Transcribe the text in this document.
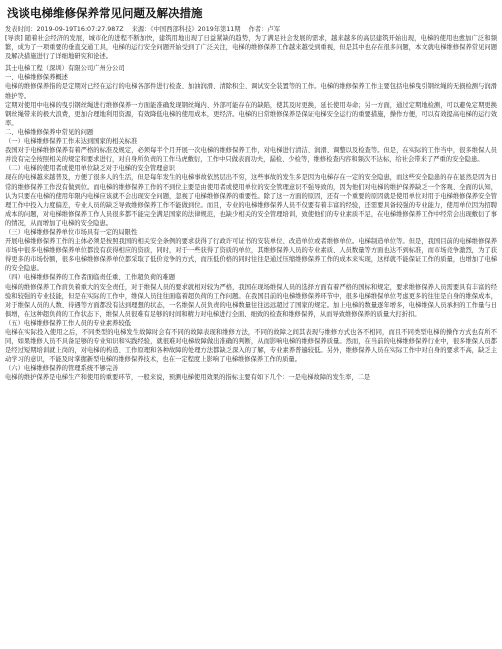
浅谈电梯维修保养常见问题及解决措施
发表时间：2019-09-19T16:07:27.987Z 来源：《中国西部科技》2019年第11期 作者：卢军

[导读] 随着社会经济的发展，城市化的进程不断加快，建筑用地出现了日益紧缺的趋势，为了满足社会发展的需求，越来越多的高层建筑开始出现，电梯的使用也愈加广泛和频繁，成为了一项重要的垂直交通工具，电梯的运行安全问题开始受到了广泛关注，电梯的维修保养工作越来越受到重视，但是其中也存在很多问题，本文就电梯维修保养常见问题及解决措施进行了详细地研究和论述。

其士电梯工程（深圳）有限公司广州分公司

一、电梯维修保养概述

电梯的维修保养指的是定期对已经在运行的电梯各部件进行检查、加油润滑、清除积尘、调试安全装置等的工作。电梯的维修保养工作主要包括电梯曳引钢丝绳的无损检测与润滑维护等。

定期对使用中电梯的曳引钢丝绳进行维修保养一方面能准确发现钢丝绳内、外部可能存在的缺陷，使其及时更换，延长使用寿命；另一方面，通过定期地检测，可以避免定期更换钢丝绳带来的极大浪费，更加合理地利用资源，有效降低电梯的使用成本，更经济。电梯的日常维修保养是保证电梯安全运行的重要措施，操作方便，可以有效提高电梯的运行效率。

二、电梯维修保养中常见的问题

（一）电梯维修保养工作未达到国家的相关标准

我国对于电梯维修保养有着严格的标准及规定，必须每半个月开展一次电梯的维修保养工作，对电梯进行清洁、润滑、调整以及检查等。但是，在实际的工作当中，很多维保人员并没有完全按照相关的规定和要求进行，对自身所负责的工作马虎敷衍，工作中只做表面功夫，漏检、少检等，维修检查内容和频次不达标，给社会带来了严重的安全隐患。

（二）电梯的使用者或使用单位缺乏对于电梯的安全管理意识

现在的电梯越来越普及，方便了很多人的生活，但是每年发生的电梯事故依然层出不穷，这些事故的发生多是因为电梯存在一定的安全隐患，而这些安全隐患的存在显然是因为日常的维修保养工作没有做到位。而电梯的维修保养工作的不到位主要是由使用者或使用单位的安全管理意识不强导致的，因为他们对电梯的维护保养缺乏一个客观、全面的认知，认为只要在电梯的使用年限内电梯应该就不会出现安全问题，忽视了电梯维修保养的重要性。除了这一方面的原因，还有一个重要的原因就是使用单位对用于电梯维修保养安全管理工作中投入力度偏差，专业人员的缺乏导致维修保养工作不能做到位。而且，专业的电梯维修保养人员不仅要有着丰富的经验，还需要具备较强的专业能力，使用单位因为招聘成本的问题，对电梯维修保养工作人员很多都不能完全满足国家的法律规范，也缺少相关的安全管理培训，致使他们的专业素质不足，在电梯维修保养工作中经常会出现敷衍了事的情况，从而增加了电梯的安全隐患。

（三）电梯维修保养单位市场具有一定的局限性

开展电梯维修保养工作的主体必须是按照我国的相关安全条例的要求获得了行政许可证书的安装单位、改造单位或者维修单位。电梯制造单位等。但是，我国目前的电梯维修保养市场中很多电梯维修保养单位都没有获得相应的资质，同时，对于一些获得了资质的单位，其维修保养人员的专业素质、人员数量等方面也达不到标准，而市场竞争激烈，为了获得更多的市场份额，很多电梯维修保养单位都采取了低价竞争的方式，而压低价格的同时往往是通过压缩维修保养工作的成本来实现，这样就不能保证工作的质量，也增加了电梯的安全隐患。

（四）电梯维修保养的工作者面临责任重、工作超负荷的难题

电梯的维修保养工作肩负着重大的安全责任，对于维保人员的要求就相对较为严格，我国在现场维保人员的选择方面有着严格的国标和规定，要求维修保养人员需要具有丰富的经验和较强的专业技能，但是在实际的工作中，维保人员往往面临着超负荷的工作问题。在我国目前的电梯维修保养环节中，很多电梯维保单位考虑更多的往往是自身的维保成本，对于维保人员的人数、待遇等方面都没有达到理想的状态，一名维保人员负责的电梯数量往往远远超过了国家的规定。加上电梯的数量逐年增多，电梯维保人员承担的工作量与日俱增，在这种超负荷的工作状态下，维保人员很难有足够的时间和精力对电梯进行全面、细致的检查和维修保养，从而导致维修保养的质量大打折扣。

（五）电梯维修保养工作人员的专业素养较低

电梯在实际投入使用之后，不同类型的电梯发生故障时会有不同的故障表现和维修方法，不同的故障之间其表现与维修方式也各不相同，而且不同类型电梯的操作方式也有所不同，如果维修人员不具备足够的专业知识和实践经验，就很难对电梯故障做出准确的判断，从而影响电梯的维修保养质量。然而，在当前的电梯维修保养行业中，很多维保人员都是经过短期培训就上岗的，对电梯的构造、工作原理和各种故障的处理方法都缺乏深入的了解，专业素养普遍较低。另外，维修保养人员在实际工作中对自身的要求不高，缺乏主动学习的意识，不能及时掌握新型电梯的维修保养技术，也在一定程度上影响了电梯维修保养工作的质量。

（六）电梯维修保养的管理系统不够完善

电梯的维护保养是电梯生产和使用的重要环节，一般来说，预测电梯使用效果的指标主要有如下几个：一是电梯故障的发生率，二是
